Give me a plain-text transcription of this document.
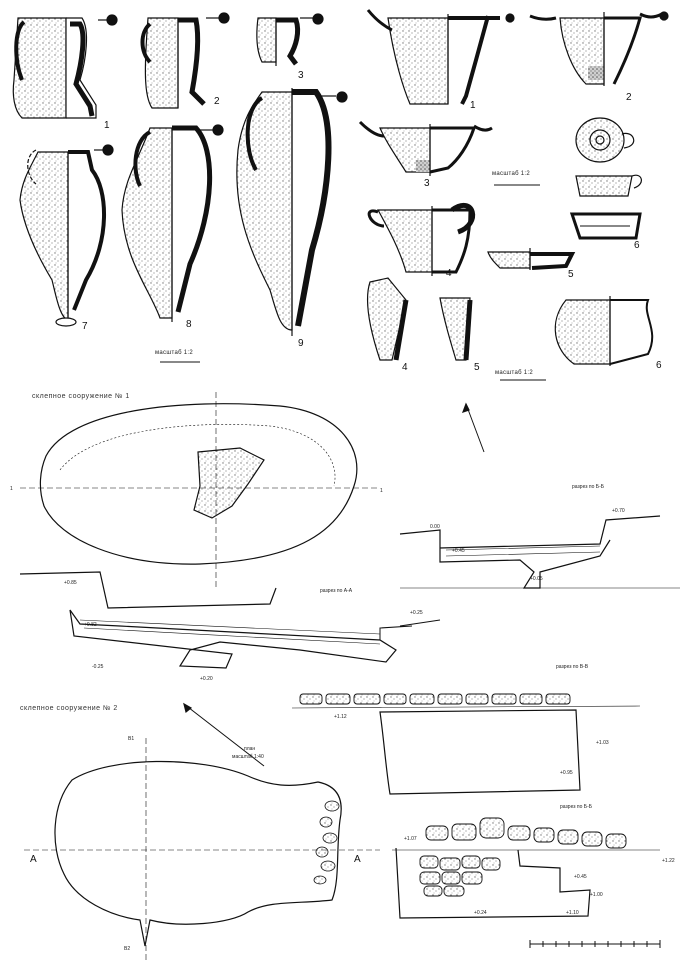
1
2
3
7	8
9
масштаб 1:2
1
2
3
4	5
6
4	5	6
масштаб 1:2
масштаб 1:2
склепное сооружение № 1
1	1
разрез по А-А
+0.85
+0.82
+0.25
+0.20
-0.25
разрез по Б-Б
0.00
+0.45
+0.70
+0.05
разрез по В-В
склепное сооружение № 2
план
масштаб 1:40
В1
В2
А	А
+1.12
+1.03
+0.95
разрез по Б-Б
+0.45
+1.00
+0.24	+1.10
+1.22
+1.07
